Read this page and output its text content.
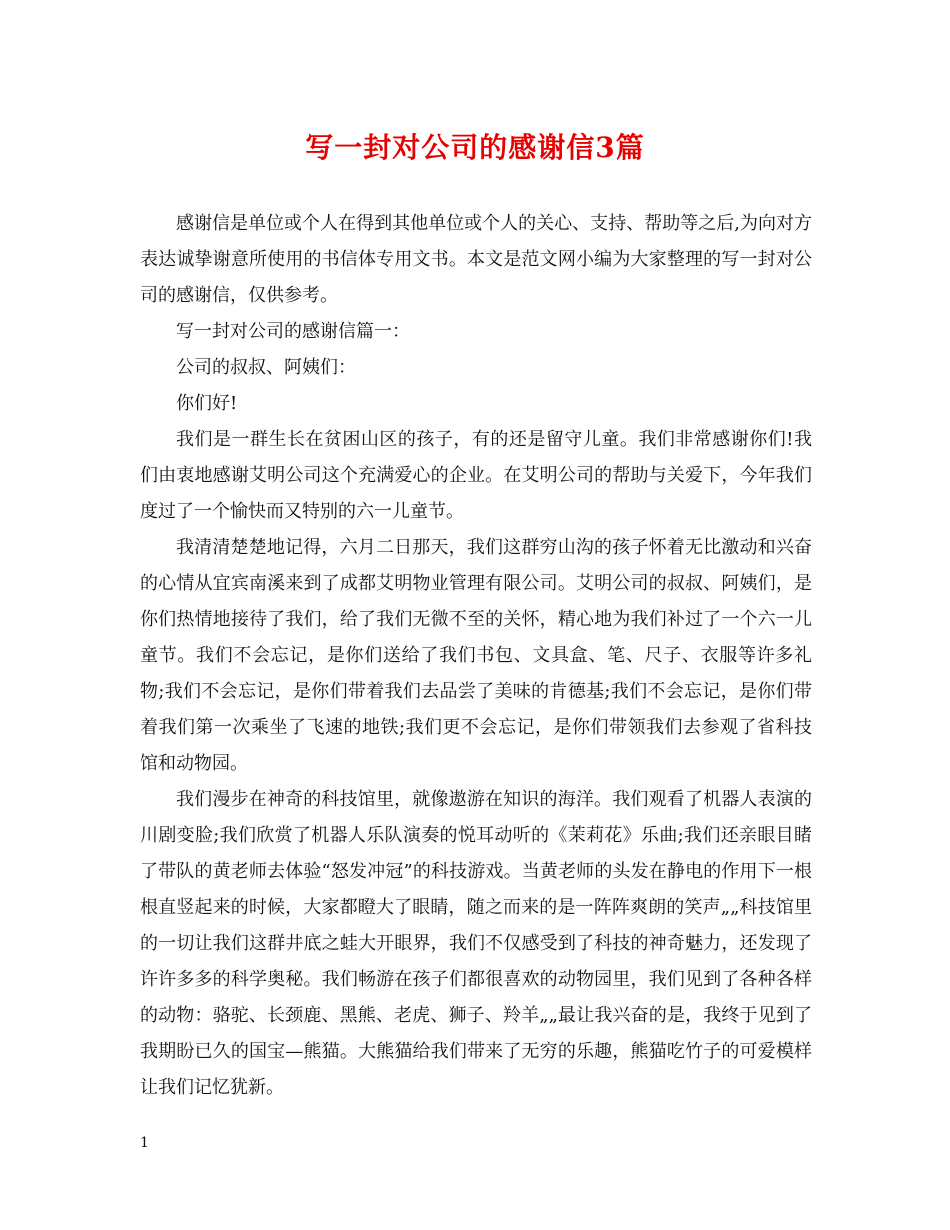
写一封对公司的感谢信3篇

感谢信是单位或个人在得到其他单位或个人的关心、支持、帮助等之后,为向对方表达诚挚谢意所使用的书信体专用文书。本文是范文网小编为大家整理的写一封对公司的感谢信，仅供参考。

写一封对公司的感谢信篇一：

公司的叔叔、阿姨们：

你们好!

我们是一群生长在贫困山区的孩子，有的还是留守儿童。我们非常感谢你们!我们由衷地感谢艾明公司这个充满爱心的企业。在艾明公司的帮助与关爱下，今年我们度过了一个愉快而又特别的六一儿童节。

我清清楚楚地记得，六月二日那天，我们这群穷山沟的孩子怀着无比激动和兴奋的心情从宜宾南溪来到了成都艾明物业管理有限公司。艾明公司的叔叔、阿姨们，是你们热情地接待了我们，给了我们无微不至的关怀，精心地为我们补过了一个六一儿童节。我们不会忘记，是你们送给了我们书包、文具盒、笔、尺子、衣服等许多礼物;我们不会忘记，是你们带着我们去品尝了美味的肯德基;我们不会忘记，是你们带着我们第一次乘坐了飞速的地铁;我们更不会忘记，是你们带领我们去参观了省科技馆和动物园。

我们漫步在神奇的科技馆里，就像遨游在知识的海洋。我们观看了机器人表演的川剧变脸;我们欣赏了机器人乐队演奏的悦耳动听的《茉莉花》乐曲;我们还亲眼目睹了带队的黄老师去体验“怒发冲冠”的科技游戏。当黄老师的头发在静电的作用下一根根直竖起来的时候，大家都瞪大了眼睛，随之而来的是一阵阵爽朗的笑声„„科技馆里的一切让我们这群井底之蛙大开眼界，我们不仅感受到了科技的神奇魅力，还发现了许许多多的科学奥秘。我们畅游在孩子们都很喜欢的动物园里，我们见到了各种各样的动物：骆驼、长颈鹿、黑熊、老虎、狮子、羚羊„„最让我兴奋的是，我终于见到了我期盼已久的国宝—熊猫。大熊猫给我们带来了无穷的乐趣，熊猫吃竹子的可爱模样让我们记忆犹新。

1
